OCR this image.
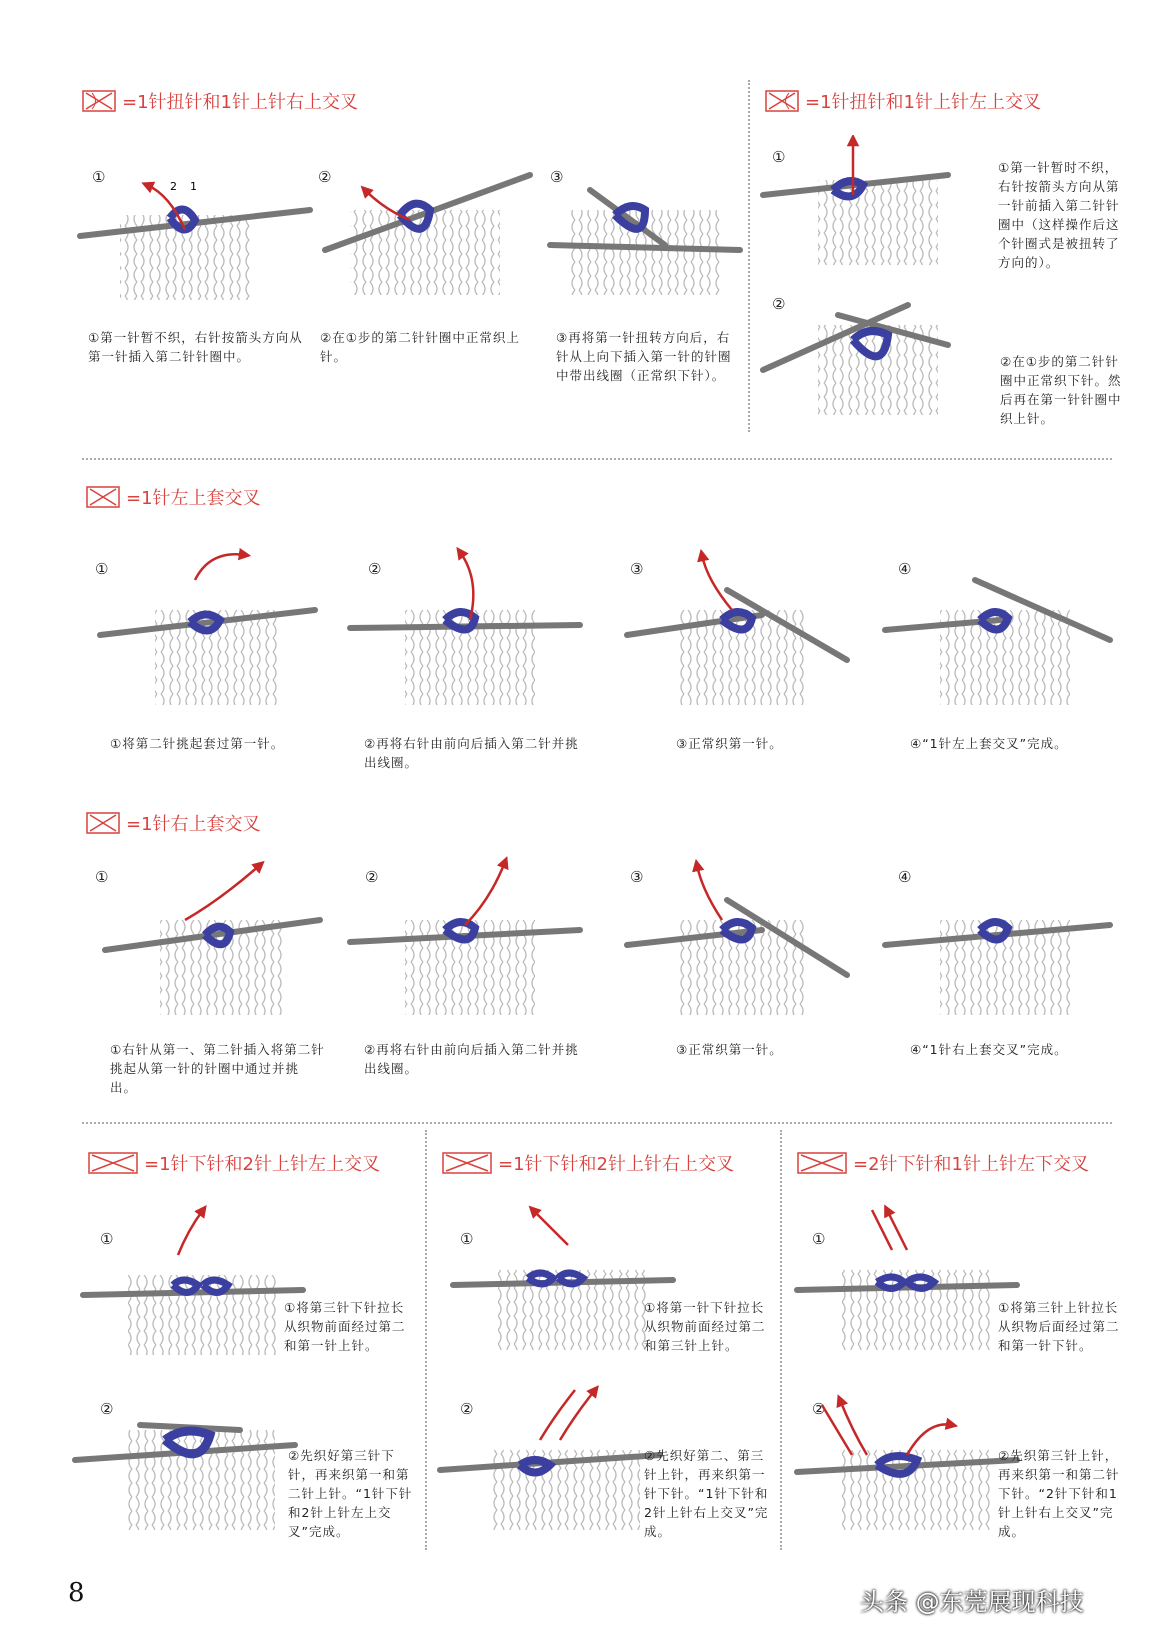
=1针扭针和1针上针右上交叉
①	②	③
2 1
①第一针暂不织，右针按箭头方向从第一针插入第二针针圈中。
②在①步的第二针针圈中正常织上针。
③再将第一针扭转方向后，右针从上向下插入第一针的针圈中带出线圈（正常织下针）。
=1针扭针和1针上针左上交叉
①
②
①第一针暂时不织，右针按箭头方向从第一针前插入第二针针圈中（这样操作后这个针圈式是被扭转了方向的）。
②在①步的第二针针圈中正常织下针。然后再在第一针针圈中织上针。
=1针左上套交叉
①	②	③	④
①将第二针挑起套过第一针。	②再将右针由前向后插入第二针并挑出线圈。
③正常织第一针。	④“1针左上套交叉”完成。
=1针右上套交叉
①	②	③	④
①右针从第一、第二针插入将第二针挑起从第一针的针圈中通过并挑出。
②再将右针由前向后插入第二针并挑出线圈。
③正常织第一针。	④“1针右上套交叉”完成。
=1针下针和2针上针左上交叉
①
②
①将第三针下针拉长从织物前面经过第二和第一针上针。
②先织好第三针下针，再来织第一和第二针上针。“1针下针和2针上针左上交叉”完成。
=1针下针和2针上针右上交叉
①
②
①将第一针下针拉长从织物前面经过第二和第三针上针。
②先织好第二、第三针上针，再来织第一针下针。“1针下针和2针上针右上交叉”完成。
=2针下针和1针上针左下交叉
①
②
①将第三针上针拉长从织物后面经过第二和第一针下针。
②先织第三针上针，再来织第一和第二针下针。“2针下针和1针上针右上交叉”完成。
8	头条 @东莞展现科技
